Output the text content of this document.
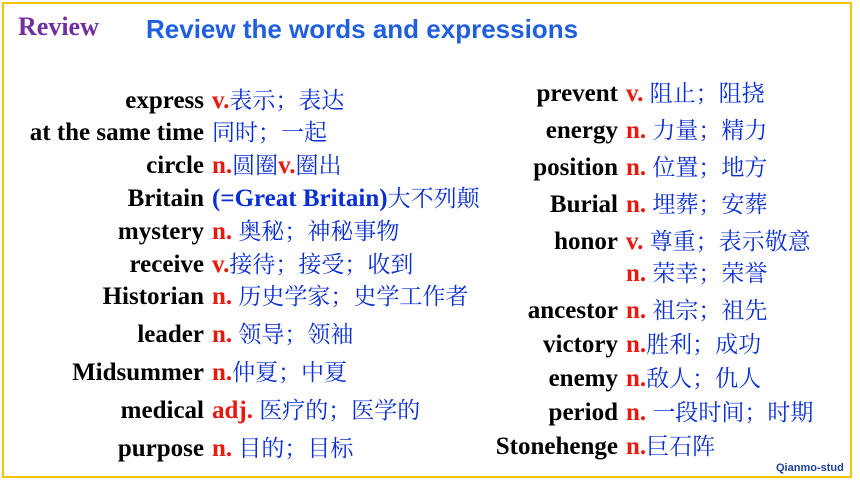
Review Review the words and expressions
express v.表示；表达
at the same time 同时；一起
circle n.圆圈v.圈出
Britain (=Great Britain)大不列颠
mystery n. 奥秘；神秘事物
receive v.接待；接受；收到
Historian n. 历史学家；史学工作者
leader n. 领导；领袖
Midsummer n.仲夏；中夏
medical adj. 医疗的；医学的
purpose n. 目的；目标
prevent v. 阻止；阻挠
energy n. 力量；精力
position n. 位置；地方
Burial n. 埋葬；安葬
honor v. 尊重；表示敬意
n. 荣幸；荣誉
ancestor n. 祖宗；祖先
victory n.胜利；成功
enemy n.敌人；仇人
period n. 一段时间；时期
Stonehenge n.巨石阵
Qianmo-stud
